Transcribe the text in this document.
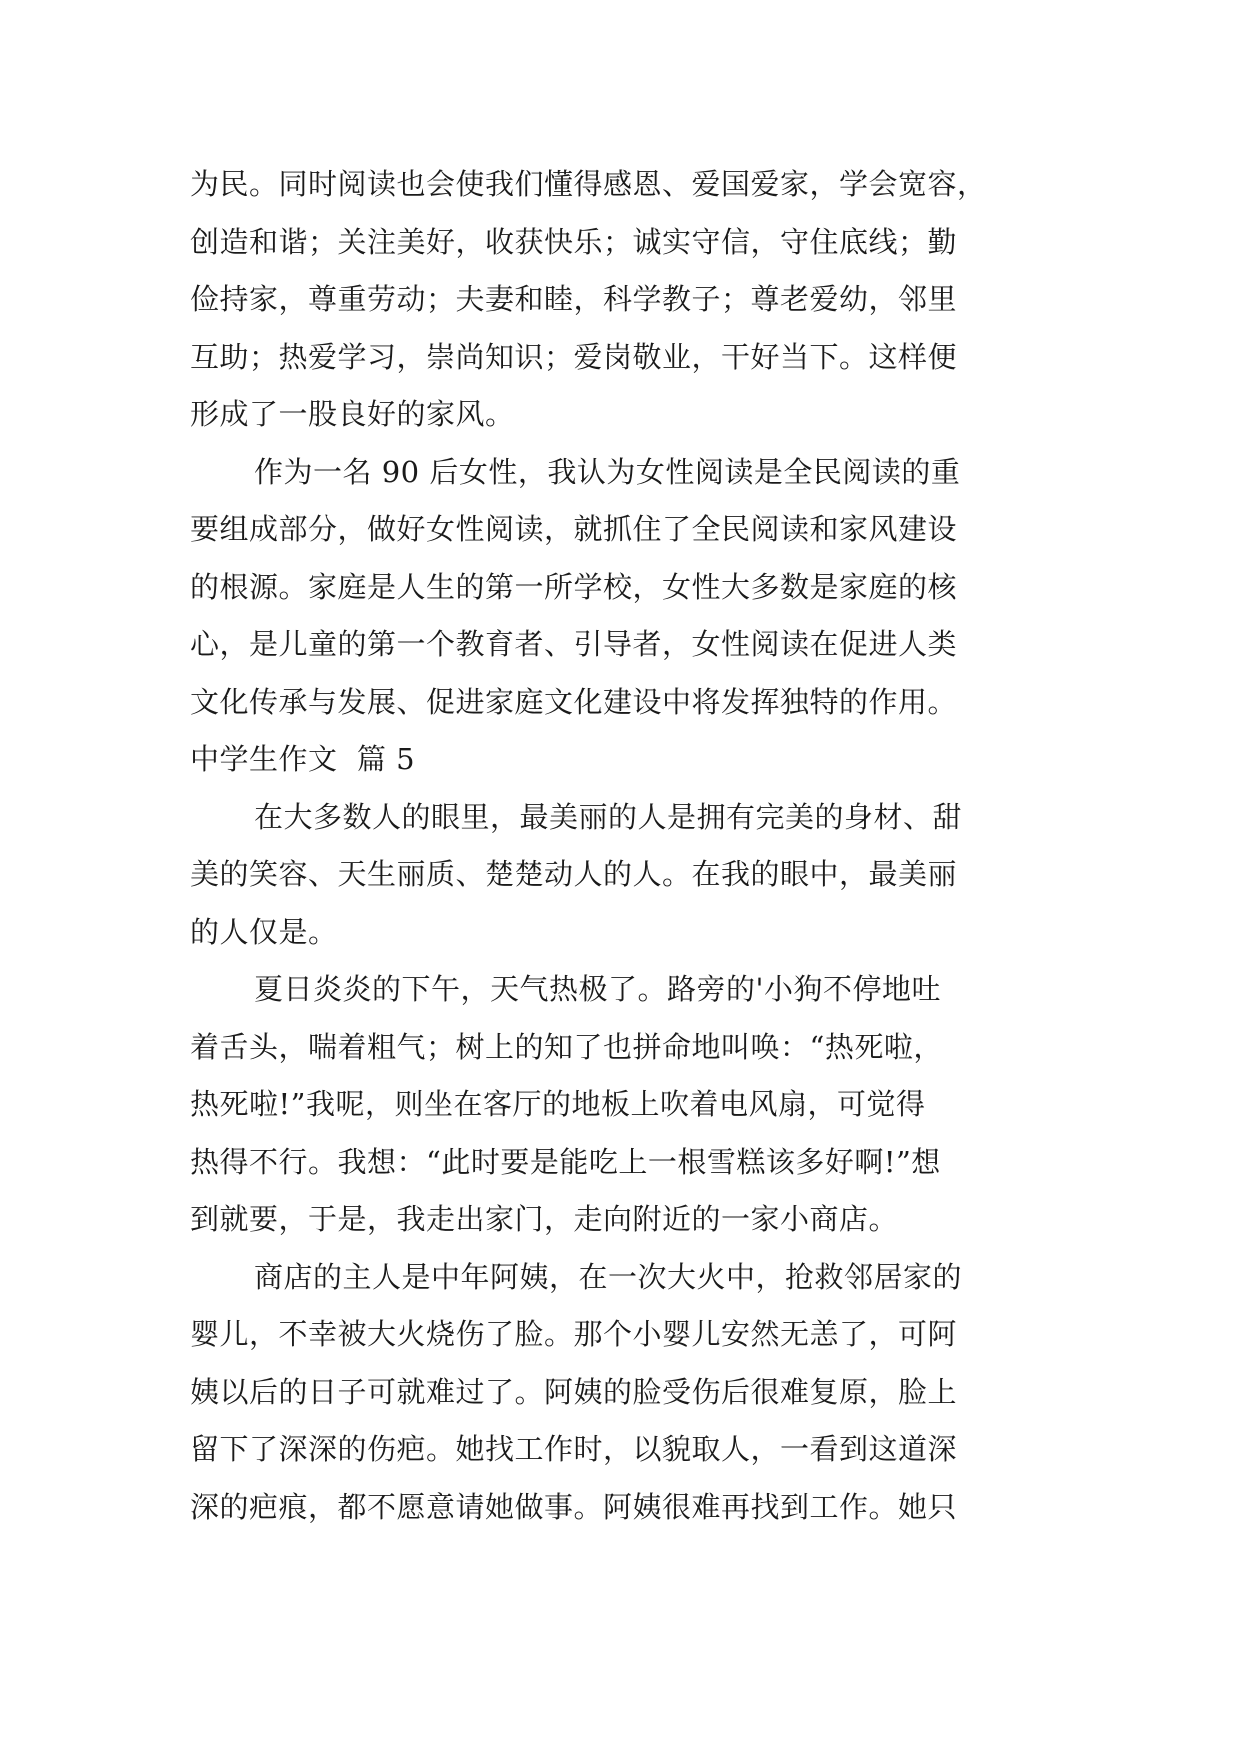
为民。同时阅读也会使我们懂得感恩、爱国爱家，学会宽容，
创造和谐；关注美好，收获快乐；诚实守信，守住底线；勤
俭持家，尊重劳动；夫妻和睦，科学教子；尊老爱幼，邻里
互助；热爱学习，崇尚知识；爱岗敬业，干好当下。这样便
形成了一股良好的家风。
作为一名 90 后女性，我认为女性阅读是全民阅读的重
要组成部分，做好女性阅读，就抓住了全民阅读和家风建设
的根源。家庭是人生的第一所学校，女性大多数是家庭的核
心，是儿童的第一个教育者、引导者，女性阅读在促进人类
文化传承与发展、促进家庭文化建设中将发挥独特的作用。
中学生作文  篇 5
在大多数人的眼里，最美丽的人是拥有完美的身材、甜
美的笑容、天生丽质、楚楚动人的人。在我的眼中，最美丽
的人仅是。
夏日炎炎的下午，天气热极了。路旁的'小狗不停地吐
着舌头，喘着粗气；树上的知了也拼命地叫唤：“热死啦，
热死啦!”我呢，则坐在客厅的地板上吹着电风扇，可觉得
热得不行。我想：“此时要是能吃上一根雪糕该多好啊!”想
到就要，于是，我走出家门，走向附近的一家小商店。
商店的主人是中年阿姨，在一次大火中，抢救邻居家的
婴儿，不幸被大火烧伤了脸。那个小婴儿安然无恙了，可阿
姨以后的日子可就难过了。阿姨的脸受伤后很难复原，脸上
留下了深深的伤疤。她找工作时，以貌取人，一看到这道深
深的疤痕，都不愿意请她做事。阿姨很难再找到工作。她只
